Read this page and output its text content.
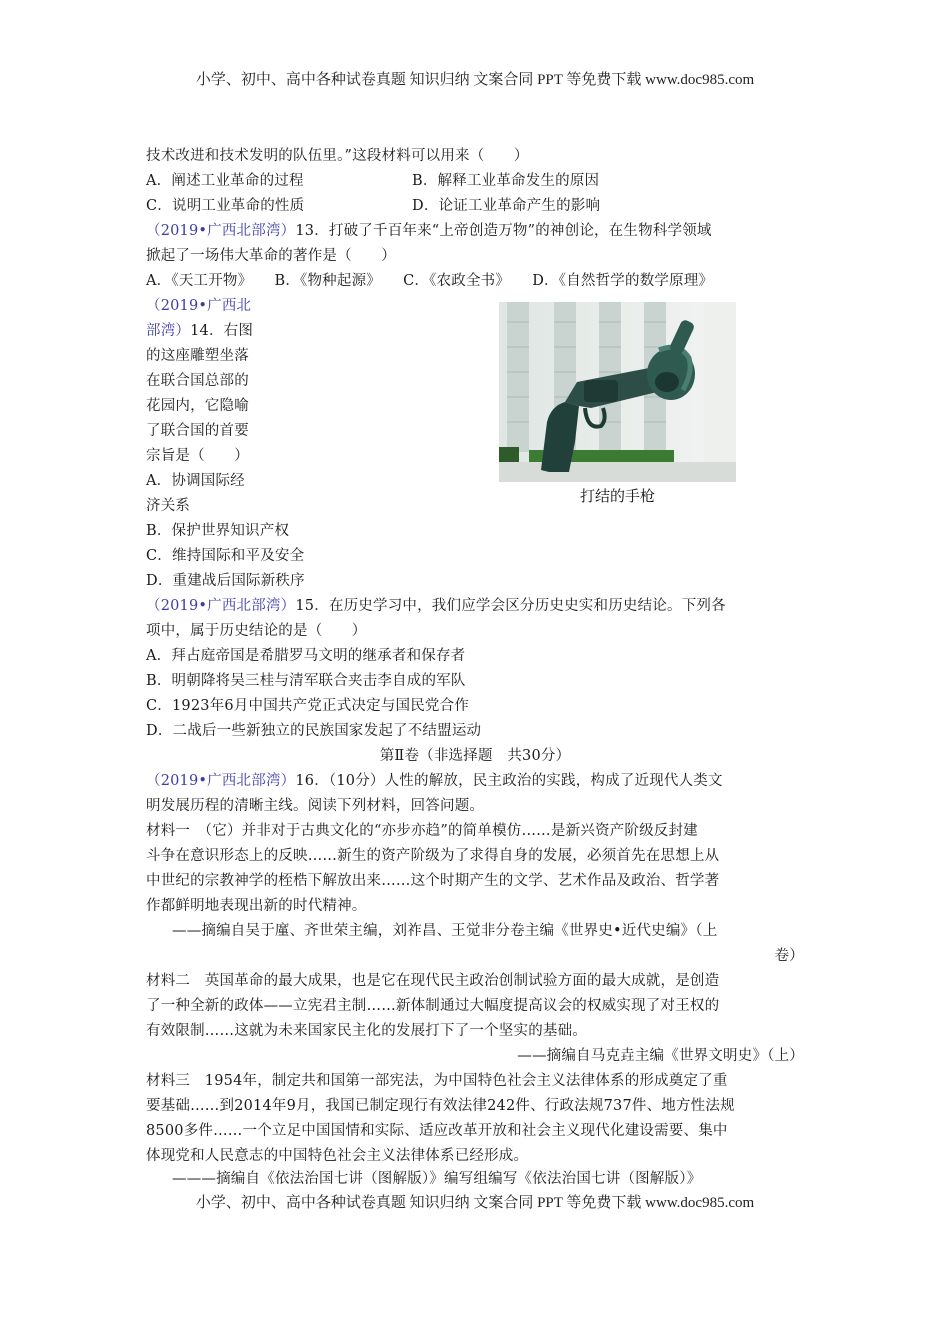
小学、初中、高中各种试卷真题 知识归纳 文案合同 PPT 等免费下载 www.doc985.com
技术改进和技术发明的队伍里。”这段材料可以用来（　　）
A．阐述工业革命的过程	B．解释工业革命发生的原因
C．说明工业革命的性质	D．论证工业革命产生的影响
（2019•广西北部湾）13．打破了千百年来“上帝创造万物”的神创论，在生物科学领域
掀起了一场伟大革命的著作是（　　）
A．《天工开物》　　B．《物种起源》　　C．《农政全书》　　D．《自然哲学的数学原理》
（2019•广西北
部湾）14．右图
的这座雕塑坐落
在联合国总部的
花园内，它隐喻
了联合国的首要
宗旨是（　　）
A．协调国际经
济关系
B．保护世界知识产权
C．维持国际和平及安全
D．重建战后国际新秩序
打结的手枪
（2019•广西北部湾）15．在历史学习中，我们应学会区分历史史实和历史结论。下列各
项中，属于历史结论的是（　　）
A．拜占庭帝国是希腊罗马文明的继承者和保存者
B．明朝降将吴三桂与清军联合夹击李自成的军队
C．1923年6月中国共产党正式决定与国民党合作
D．二战后一些新独立的民族国家发起了不结盟运动
第Ⅱ卷（非选择题　共30分）
（2019•广西北部湾）16．（10分）人性的解放，民主政治的实践，构成了近现代人类文
明发展历程的清晰主线。阅读下列材料，回答问题。
材料一　（它）并非对于古典文化的“亦步亦趋”的简单模仿……是新兴资产阶级反封建
斗争在意识形态上的反映……新生的资产阶级为了求得自身的发展，必须首先在思想上从
中世纪的宗教神学的桎梏下解放出来……这个时期产生的文学、艺术作品及政治、哲学著
作都鲜明地表现出新的时代精神。
——摘编自吴于廑、齐世荣主编，刘祚昌、王觉非分卷主编《世界史•近代史编》（上
卷）
材料二　英国革命的最大成果，也是它在现代民主政治创制试验方面的最大成就，是创造
了一种全新的政体——立宪君主制……新体制通过大幅度提高议会的权威实现了对王权的
有效限制……这就为未来国家民主化的发展打下了一个坚实的基础。
——摘编自马克垚主编《世界文明史》（上）
材料三　1954年，制定共和国第一部宪法，为中国特色社会主义法律体系的形成奠定了重
要基础……到2014年9月，我国已制定现行有效法律242件、行政法规737件、地方性法规
8500多件……一个立足中国国情和实际、适应改革开放和社会主义现代化建设需要、集中
体现党和人民意志的中国特色社会主义法律体系已经形成。
———摘编自《依法治国七讲（图解版）》编写组编写《依法治国七讲（图解版）》
小学、初中、高中各种试卷真题 知识归纳 文案合同 PPT 等免费下载 www.doc985.com
